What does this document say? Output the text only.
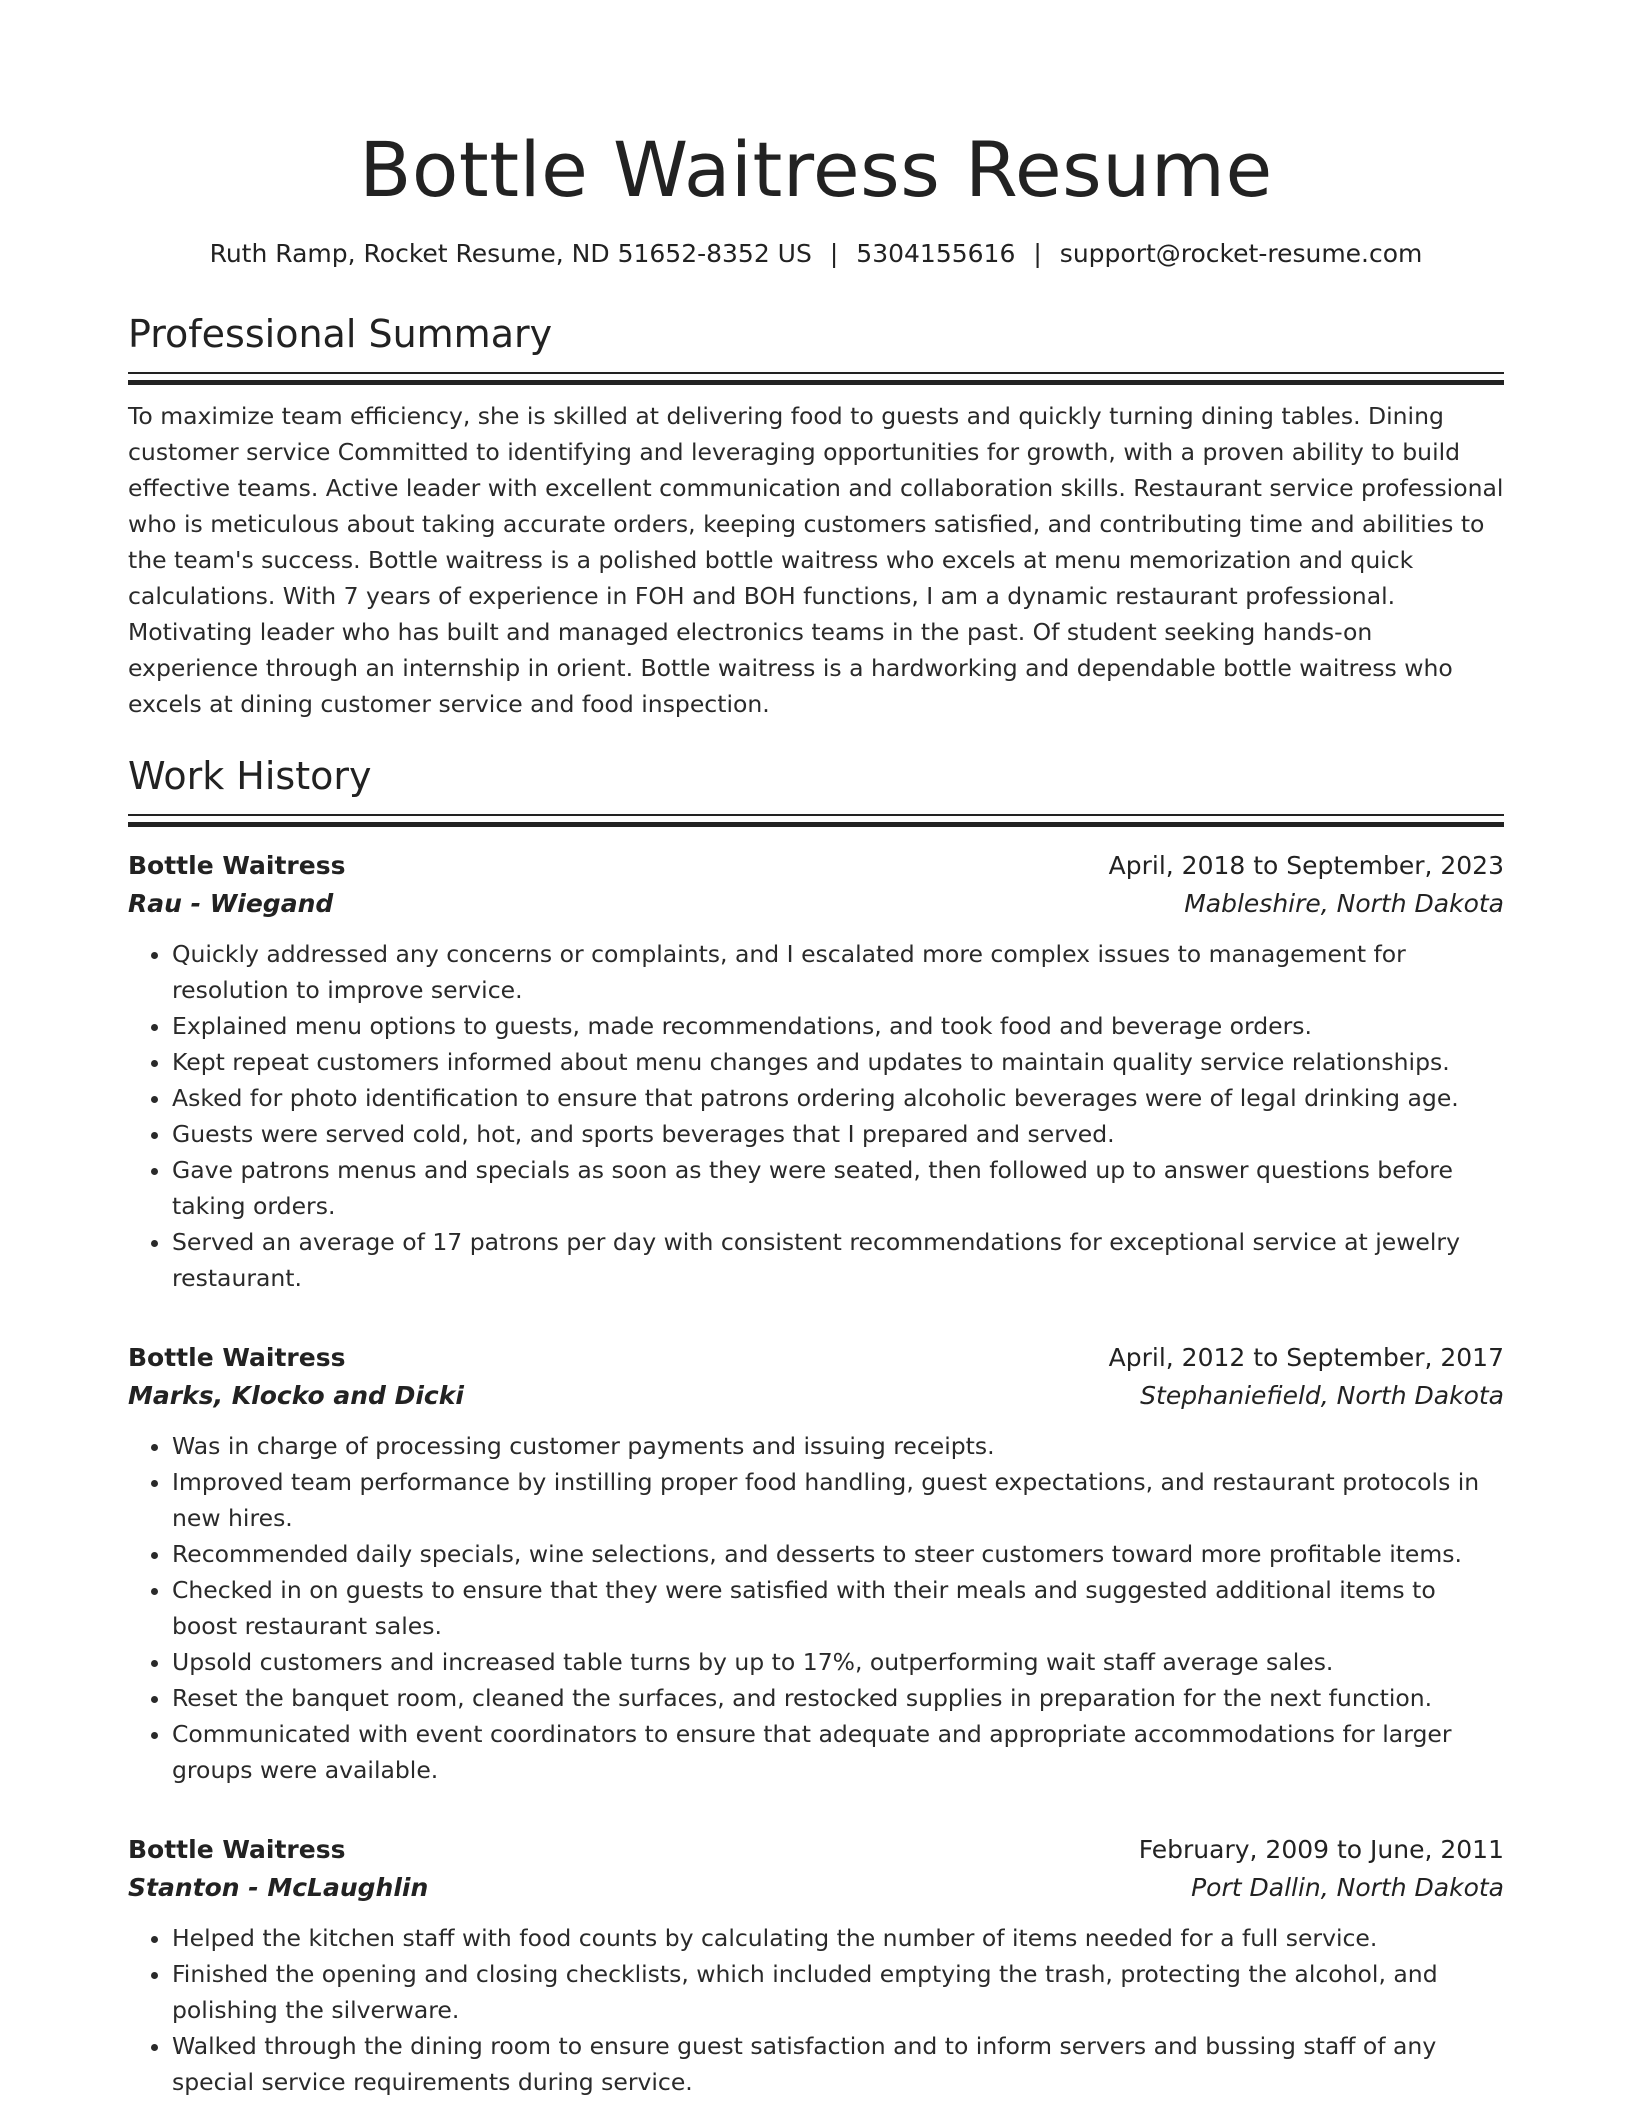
Bottle Waitress Resume
Ruth Ramp, Rocket Resume, ND 51652-8352 US | 5304155616 | support@rocket-resume.com
Professional Summary
To maximize team efficiency, she is skilled at delivering food to guests and quickly turning dining tables. Dining customer service Committed to identifying and leveraging opportunities for growth, with a proven ability to build effective teams. Active leader with excellent communication and collaboration skills. Restaurant service professional who is meticulous about taking accurate orders, keeping customers satisfied, and contributing time and abilities to the team's success. Bottle waitress is a polished bottle waitress who excels at menu memorization and quick calculations. With 7 years of experience in FOH and BOH functions, I am a dynamic restaurant professional. Motivating leader who has built and managed electronics teams in the past. Of student seeking hands-on experience through an internship in orient. Bottle waitress is a hardworking and dependable bottle waitress who excels at dining customer service and food inspection.
Work History
Bottle Waitress	April, 2018 to September, 2023
Rau - Wiegand	Mableshire, North Dakota
• Quickly addressed any concerns or complaints, and I escalated more complex issues to management for resolution to improve service.
• Explained menu options to guests, made recommendations, and took food and beverage orders.
• Kept repeat customers informed about menu changes and updates to maintain quality service relationships.
• Asked for photo identification to ensure that patrons ordering alcoholic beverages were of legal drinking age.
• Guests were served cold, hot, and sports beverages that I prepared and served.
• Gave patrons menus and specials as soon as they were seated, then followed up to answer questions before taking orders.
• Served an average of 17 patrons per day with consistent recommendations for exceptional service at jewelry restaurant.
Bottle Waitress	April, 2012 to September, 2017
Marks, Klocko and Dicki	Stephaniefield, North Dakota
• Was in charge of processing customer payments and issuing receipts.
• Improved team performance by instilling proper food handling, guest expectations, and restaurant protocols in new hires.
• Recommended daily specials, wine selections, and desserts to steer customers toward more profitable items.
• Checked in on guests to ensure that they were satisfied with their meals and suggested additional items to boost restaurant sales.
• Upsold customers and increased table turns by up to 17%, outperforming wait staff average sales.
• Reset the banquet room, cleaned the surfaces, and restocked supplies in preparation for the next function.
• Communicated with event coordinators to ensure that adequate and appropriate accommodations for larger groups were available.
Bottle Waitress	February, 2009 to June, 2011
Stanton - McLaughlin	Port Dallin, North Dakota
• Helped the kitchen staff with food counts by calculating the number of items needed for a full service.
• Finished the opening and closing checklists, which included emptying the trash, protecting the alcohol, and polishing the silverware.
• Walked through the dining room to ensure guest satisfaction and to inform servers and bussing staff of any special service requirements during service.
